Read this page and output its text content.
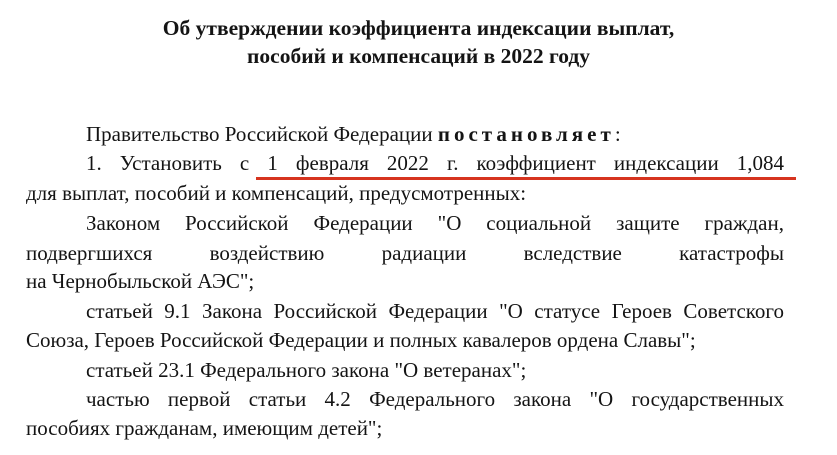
Об утверждении коэффициента индексации выплат,
пособий и компенсаций в 2022 году
Правительство Российской Федерации постановляет:
1. Установить с 1 февраля 2022 г. коэффициент индексации 1,084
для выплат, пособий и компенсаций, предусмотренных:
Законом Российской Федерации "О социальной защите граждан,
подвергшихся воздействию радиации вследствие катастрофы
на Чернобыльской АЭС";
статьей 9.1 Закона Российской Федерации "О статусе Героев Советского
Союза, Героев Российской Федерации и полных кавалеров ордена Славы";
статьей 23.1 Федерального закона "О ветеранах";
частью первой статьи 4.2 Федерального закона "О государственных
пособиях гражданам, имеющим детей";
